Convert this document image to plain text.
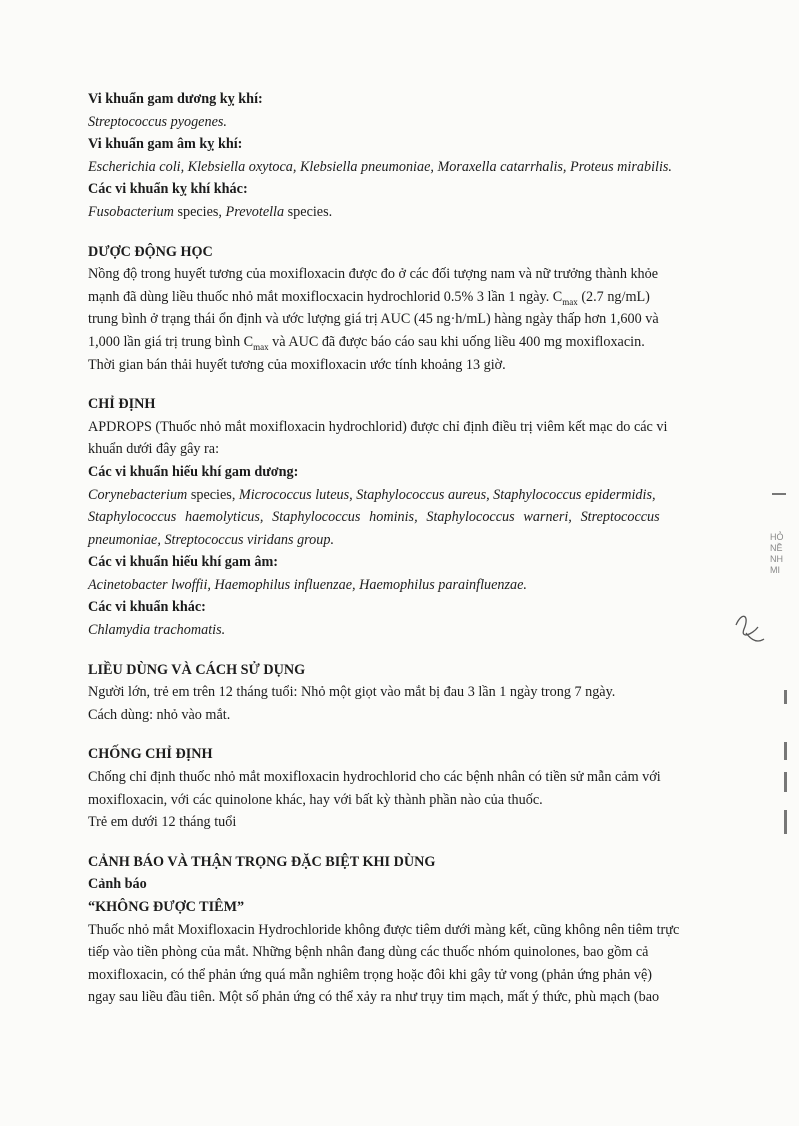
Vi khuẩn gam dương kỵ khí:
Streptococcus pyogenes.
Vi khuẩn gam âm kỵ khí:
Escherichia coli, Klebsiella oxytoca, Klebsiella pneumoniae, Moraxella catarrhalis, Proteus mirabilis.
Các vi khuẩn kỵ khí khác:
Fusobacterium species, Prevotella species.
DƯỢC ĐỘNG HỌC
Nồng độ trong huyết tương của moxifloxacin được đo ở các đối tượng nam và nữ trưởng thành khỏe
mạnh đã dùng liều thuốc nhỏ mắt moxiflocxacin hydrochlorid 0.5% 3 lần 1 ngày. $C_{max}$ (2.7 ng/mL)
trung bình ở trạng thái ổn định và ước lượng giá trị AUC (45 ng·h/mL) hàng ngày thấp hơn 1,600 và
1,000 lần giá trị trung bình $C_{max}$ và AUC đã được báo cáo sau khi uống liều 400 mg moxifloxacin.
Thời gian bán thải huyết tương của moxifloxacin ước tính khoảng 13 giờ.
CHỈ ĐỊNH
APDROPS (Thuốc nhỏ mắt moxifloxacin hydrochlorid) được chỉ định điều trị viêm kết mạc do các vi
khuẩn dưới đây gây ra:
Các vi khuẩn hiếu khí gam dương:
Corynebacterium species, Micrococcus luteus, Staphylococcus aureus, Staphylococcus epidermidis,
Staphylococcus haemolyticus, Staphylococcus hominis, Staphylococcus warneri, Streptococcus
pneumoniae, Streptococcus viridans group.
Các vi khuẩn hiếu khí gam âm:
Acinetobacter lwoffii, Haemophilus influenzae, Haemophilus parainfluenzae.
Các vi khuẩn khác:
Chlamydia trachomatis.
LIỀU DÙNG VÀ CÁCH SỬ DỤNG
Người lớn, trẻ em trên 12 tháng tuổi: Nhỏ một giọt vào mắt bị đau 3 lần 1 ngày trong 7 ngày.
Cách dùng: nhỏ vào mắt.
CHỐNG CHỈ ĐỊNH
Chống chỉ định thuốc nhỏ mắt moxifloxacin hydrochlorid cho các bệnh nhân có tiền sử mẫn cảm với
moxifloxacin, với các quinolone khác, hay với bất kỳ thành phần nào của thuốc.
Trẻ em dưới 12 tháng tuổi
CẢNH BÁO VÀ THẬN TRỌNG ĐẶC BIỆT KHI DÙNG
Cảnh báo
“KHÔNG ĐƯỢC TIÊM”
Thuốc nhỏ mắt Moxifloxacin Hydrochloride không được tiêm dưới màng kết, cũng không nên tiêm trực
tiếp vào tiền phòng của mắt. Những bệnh nhân đang dùng các thuốc nhóm quinolones, bao gồm cả
moxifloxacin, có thể phản ứng quá mẫn nghiêm trọng hoặc đôi khi gây tử vong (phản ứng phản vệ)
ngay sau liều đầu tiên. Một số phản ứng có thể xảy ra như trụy tim mạch, mất ý thức, phù mạch (bao
HỎ
NỀ
NH
MI
